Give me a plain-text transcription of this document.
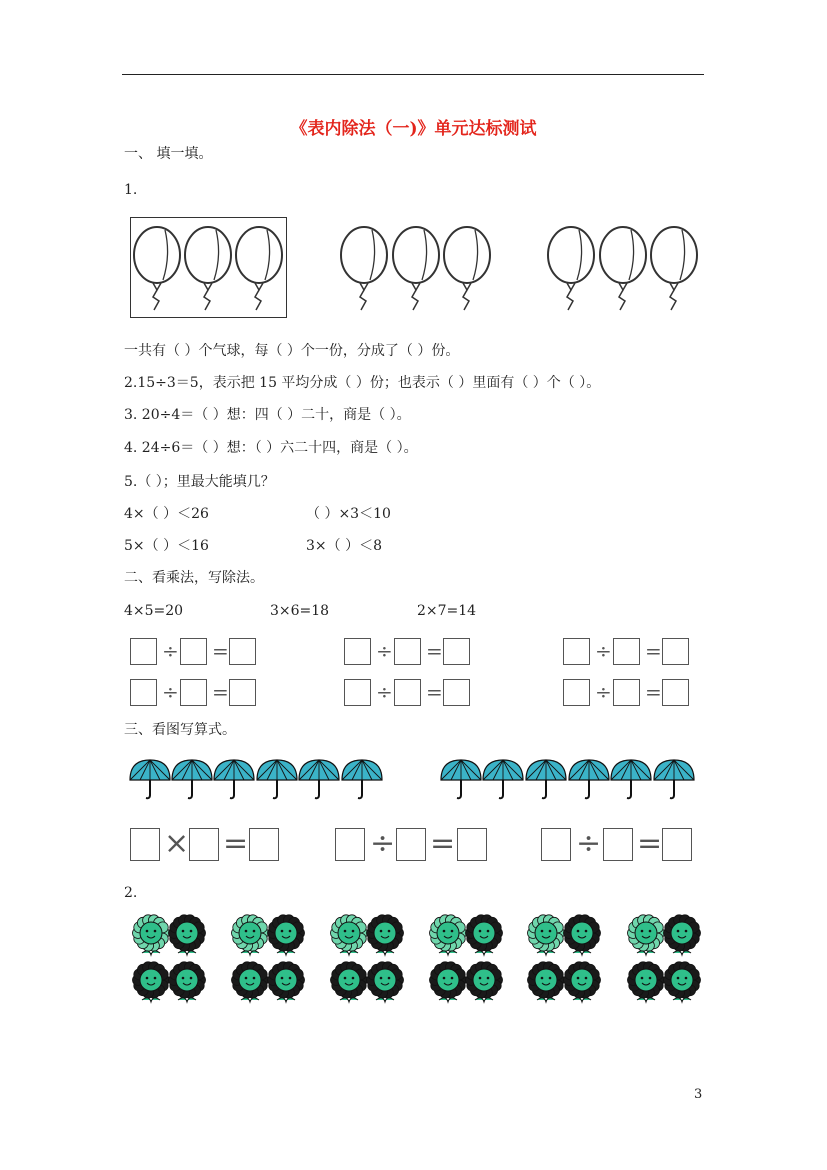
《表内除法（一)》单元达标测试
一、 填一填。
1.
一共有（ ）个气球，每（ ）个一份，分成了（ ）份。
2.15÷3＝5，表示把 15 平均分成（ ）份；也表示（ ）里面有（ ）个（ ）。
3. 20÷4＝（ ）想：四（ ）二十，商是（ ）。
4. 24÷6＝（ ）想：（ ）六二十四，商是（ ）。
5.（ ）；里最大能填几？
4×（ ）＜26	（ ）×3＜10
5×（ ）＜16	3×（ ）＜8
二、看乘法，写除法。
4×5=20	3×6=18	2×7=14
÷ =	÷ =	÷ =
÷ =	÷ =	÷ =
三、看图写算式。
× =	÷ =	÷ =
2.
3
